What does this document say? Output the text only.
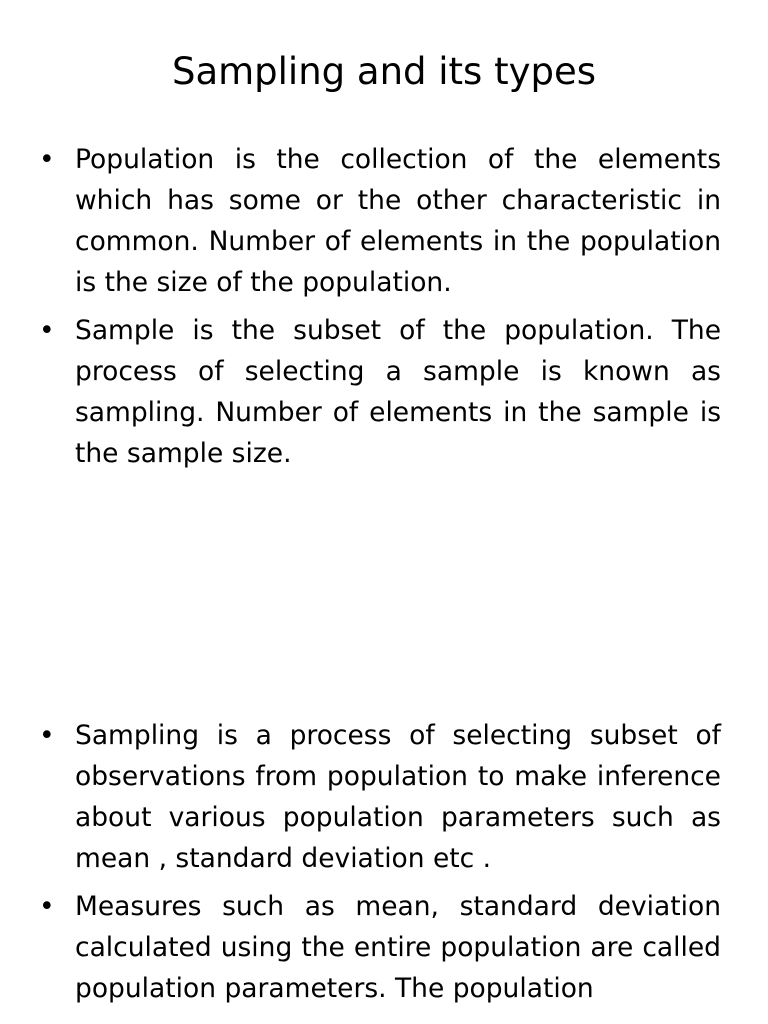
Sampling and its types
• Population is the collection of the elements which has some or the other characteristic in common. Number of elements in the population is the size of the population.
• Sample is the subset of the population. The process of selecting a sample is known as sampling. Number of elements in the sample is the sample size.
• Sampling is a process of selecting subset of observations from population to make inference about various population parameters such as mean , standard deviation etc .
• Measures such as mean, standard deviation calculated using the entire population are called population parameters. The population
